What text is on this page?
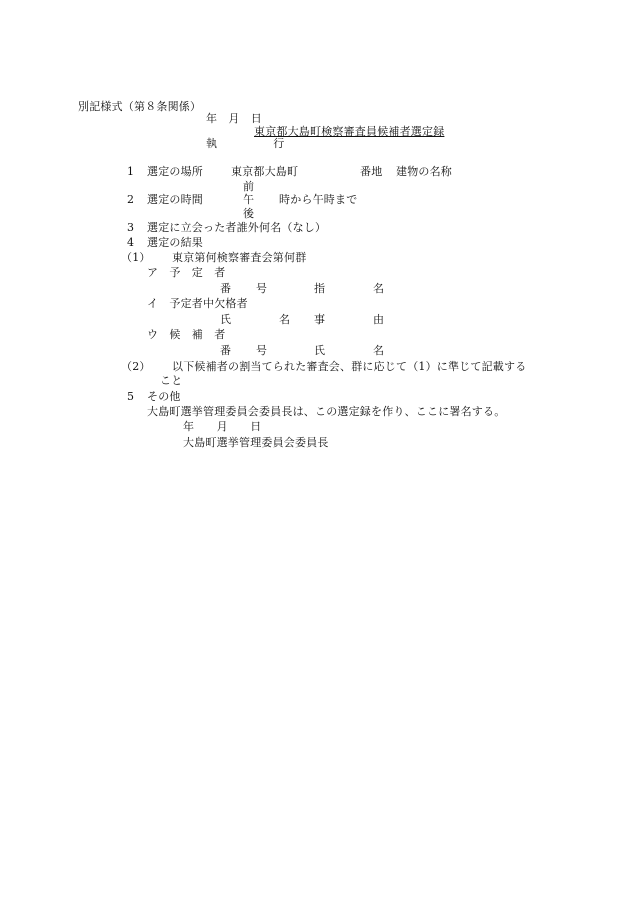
別記様式（第８条関係）
年　月　日
東京都大島町検察審査員候補者選定録
執　　　　　行
1 選定の場所	東京都大島町	番地 建物の名称
前
2 選定の時間	午 時から午時まで
後
3 選定に立会った者誰外何名（なし）
4 選定の結果
（1） 東京第何検察審査会第何群
ア　予　定　者
番 号	指	名
イ　予定者中欠格者
氏	名 事	由
ウ　候　補　者
番 号	氏	名
（2） 以下候補者の割当てられた審査会、群に応じて（1）に準じて記載する
こと
5 その他
大島町選挙管理委員会委員長は、この選定録を作り、ここに署名する。
年　　月　　日
大島町選挙管理委員会委員長
